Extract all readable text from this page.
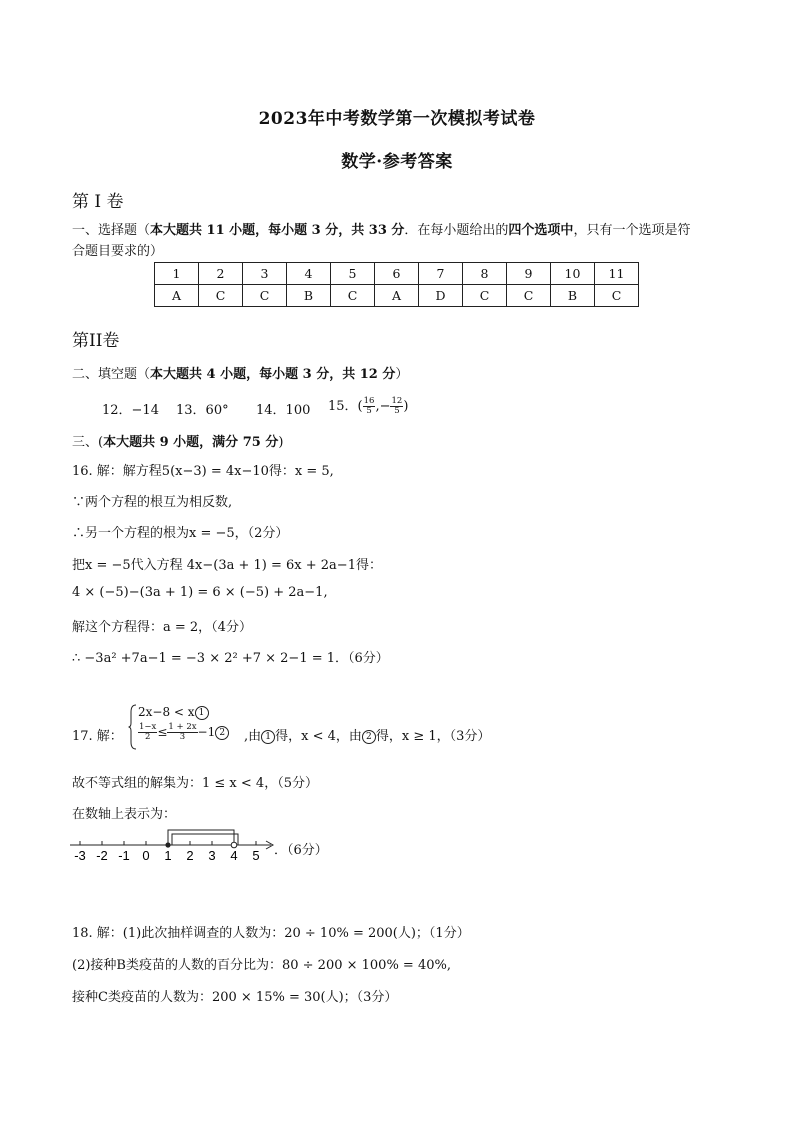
2023年中考数学第一次模拟考试卷
数学·参考答案
第 I 卷
一、选择题（本大题共 11 小题，每小题 3 分，共 33 分．在每小题给出的四个选项中，只有一个选项是符
合题目要求的）
1	2	3	4	5	6	7	8	9	10	11
A	C	C	B	C	A	D	C	C	B	C
第II卷
二、填空题（本大题共 4 小题，每小题 3 分，共 12 分）
12．−14 13．60° 14．100 15．( $\frac{16}{5}$ ,− $\frac{12}{5}$ )
三、(本大题共 9 小题，满分 75 分)
16. 解：解方程5(x−3) = 4x−10得：x = 5,
∵两个方程的根互为相反数,
∴另一个方程的根为x = −5，（2分）
把x = −5代入方程 4x−(3a + 1) = 6x + 2a−1得：
4 × (−5)−(3a + 1) = 6 × (−5) + 2a−1,
解这个方程得：a = 2，（4分）
∴ −3a² +7a−1 = −3 × 2² +7 × 2−1 = 1．（6分）
17. 解：
2x−8 < x 1
$\frac{1-x}{2} \le \frac{1 + 2x}{3} -1$ 2	,由 1 得，x < 4，由 2 得，x ≥ 1，（3分）
故不等式组的解集为：1 ≤ x < 4，（5分）
在数轴上表示为：
-3 -2 -1 0 1 2 3 4 5 ．（6分）
18. 解：(1)此次抽样调查的人数为：20 ÷ 10% = 200(人)；（1分）
(2)接种B类疫苗的人数的百分比为：80 ÷ 200 × 100% = 40%,
接种C类疫苗的人数为：200 × 15% = 30(人)；（3分）
